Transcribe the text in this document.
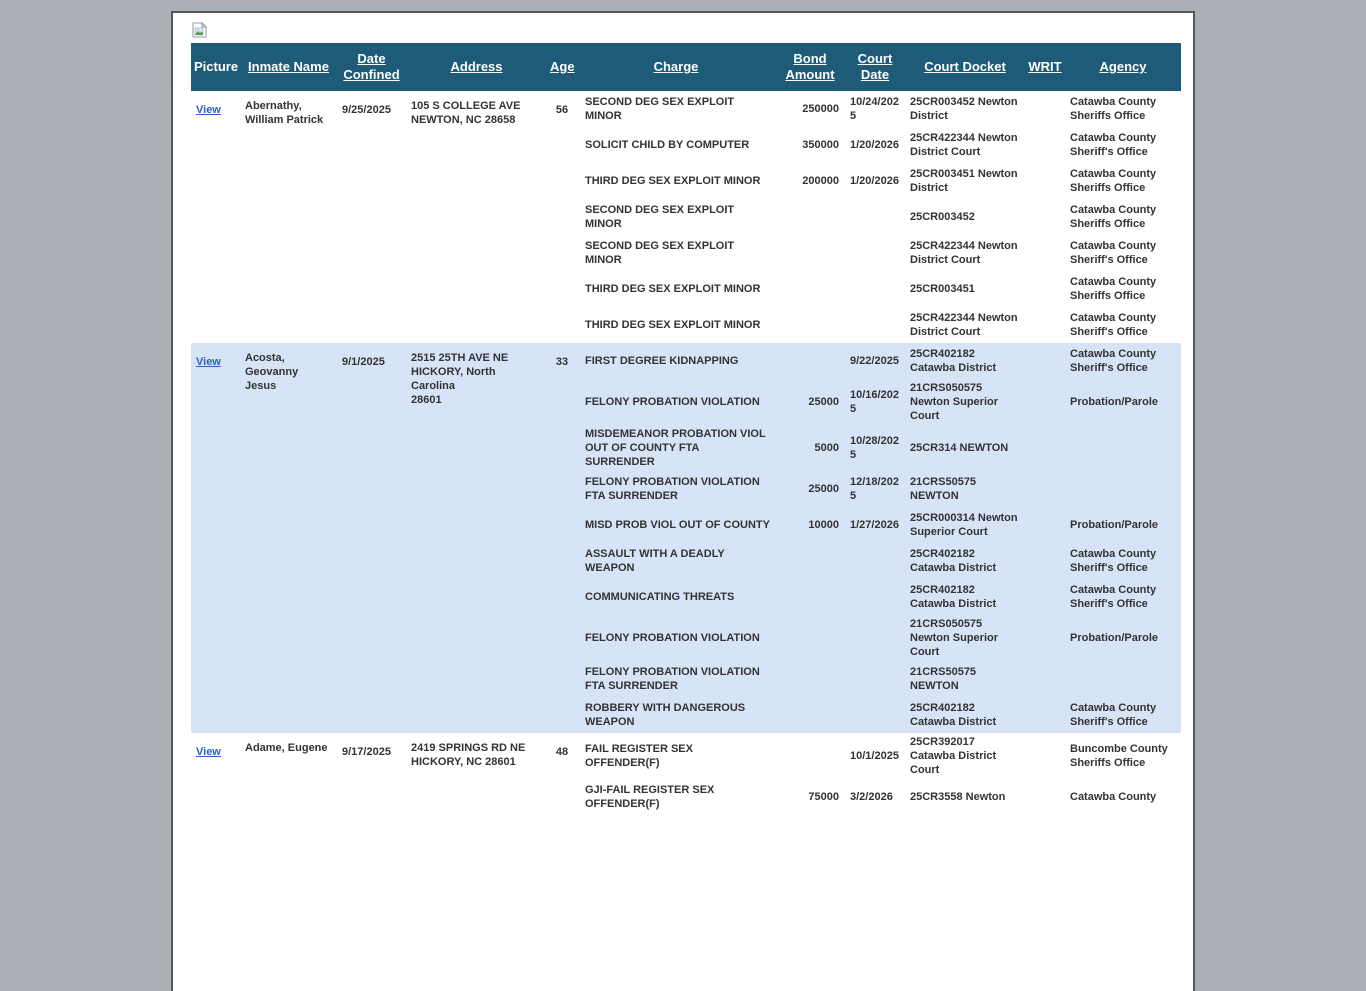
Picture	Inmate Name	Date Confined	Address	Age	Charge	Bond Amount	Court Date	Court Docket	WRIT	Agency
View	Abernathy, William Patrick	9/25/2025	105 S COLLEGE AVE
NEWTON, NC 28658	56	SECOND DEG SEX EXPLOIT MINOR	250000	10/24/2025	25CR003452 Newton District		Catawba County Sheriffs Office
					SOLICIT CHILD BY COMPUTER	350000	1/20/2026	25CR422344 Newton District Court		Catawba County Sheriff's Office
					THIRD DEG SEX EXPLOIT MINOR	200000	1/20/2026	25CR003451 Newton District		Catawba County Sheriffs Office
					SECOND DEG SEX EXPLOIT MINOR			25CR003452		Catawba County Sheriffs Office
					SECOND DEG SEX EXPLOIT MINOR			25CR422344 Newton District Court		Catawba County Sheriff's Office
					THIRD DEG SEX EXPLOIT MINOR			25CR003451		Catawba County Sheriffs Office
					THIRD DEG SEX EXPLOIT MINOR			25CR422344 Newton District Court		Catawba County Sheriff's Office
View	Acosta, Geovanny Jesus	9/1/2025	2515 25TH AVE NE
HICKORY, North Carolina
28601	33	FIRST DEGREE KIDNAPPING		9/22/2025	25CR402182 Catawba District		Catawba County Sheriff's Office
					FELONY PROBATION VIOLATION	25000	10/16/2025	21CRS050575 Newton Superior Court		Probation/Parole
					MISDEMEANOR PROBATION VIOL OUT OF COUNTY FTA SURRENDER	5000	10/28/2025	25CR314 NEWTON		
					FELONY PROBATION VIOLATION FTA SURRENDER	25000	12/18/2025	21CRS50575 NEWTON		
					MISD PROB VIOL OUT OF COUNTY	10000	1/27/2026	25CR000314 Newton Superior Court		Probation/Parole
					ASSAULT WITH A DEADLY WEAPON			25CR402182 Catawba District		Catawba County Sheriff's Office
					COMMUNICATING THREATS			25CR402182 Catawba District		Catawba County Sheriff's Office
					FELONY PROBATION VIOLATION			21CRS050575 Newton Superior Court		Probation/Parole
					FELONY PROBATION VIOLATION FTA SURRENDER			21CRS50575 NEWTON		
					ROBBERY WITH DANGEROUS WEAPON			25CR402182 Catawba District		Catawba County Sheriff's Office
View	Adame, Eugene	9/17/2025	2419 SPRINGS RD NE
HICKORY, NC 28601	48	FAIL REGISTER SEX OFFENDER(F)		10/1/2025	25CR392017 Catawba District Court		Buncombe County Sheriffs Office
					GJI-FAIL REGISTER SEX OFFENDER(F)	75000	3/2/2026	25CR3558 Newton		Catawba County
